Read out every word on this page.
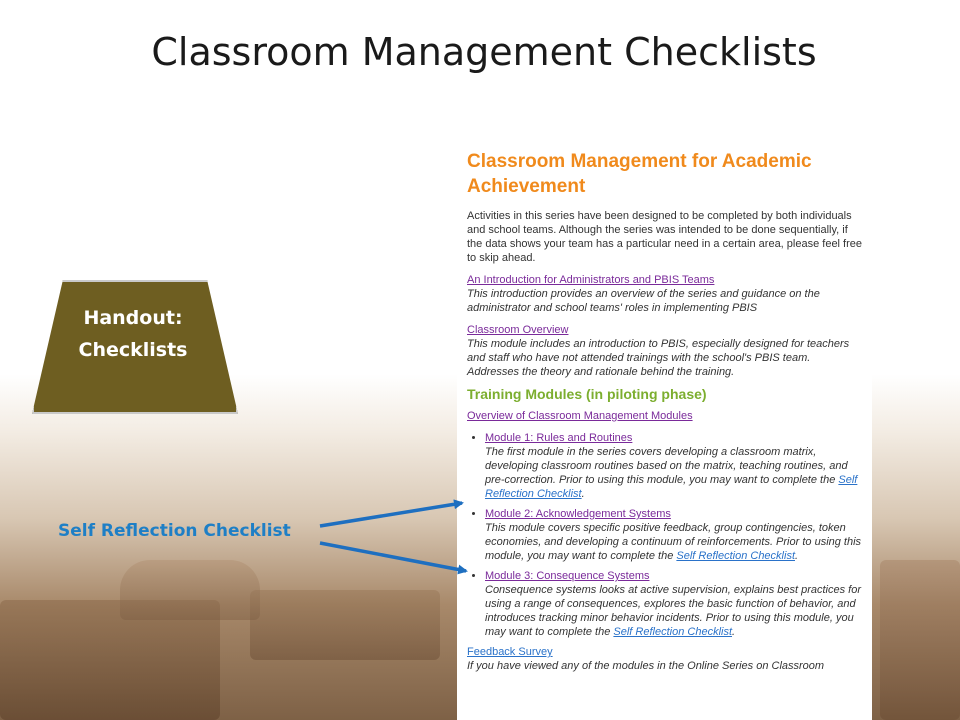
Classroom Management Checklists
Handout:
Checklists
Self Reflection Checklist
Classroom Management for Academic Achievement

Activities in this series have been designed to be completed by both individuals and school teams. Although the series was intended to be done sequentially, if the data shows your team has a particular need in a certain area, please feel free to skip ahead.

An Introduction for Administrators and PBIS Teams
This introduction provides an overview of the series and guidance on the administrator and school teams' roles in implementing PBIS

Classroom Overview
This module includes an introduction to PBIS, especially designed for teachers and staff who have not attended trainings with the school's PBIS team. Addresses the theory and rationale behind the training.

Training Modules (in piloting phase)

Overview of Classroom Management Modules

• Module 1: Rules and Routines
The first module in the series covers developing a classroom matrix, developing classroom routines based on the matrix, teaching routines, and pre-correction. Prior to using this module, you may want to complete the Self Reflection Checklist.
• Module 2: Acknowledgement Systems
This module covers specific positive feedback, group contingencies, token economies, and developing a continuum of reinforcements. Prior to using this module, you may want to complete the Self Reflection Checklist.
• Module 3: Consequence Systems
Consequence systems looks at active supervision, explains best practices for using a range of consequences, explores the basic function of behavior, and introduces tracking minor behavior incidents. Prior to using this module, you may want to complete the Self Reflection Checklist.

Feedback Survey
If you have viewed any of the modules in the Online Series on Classroom
